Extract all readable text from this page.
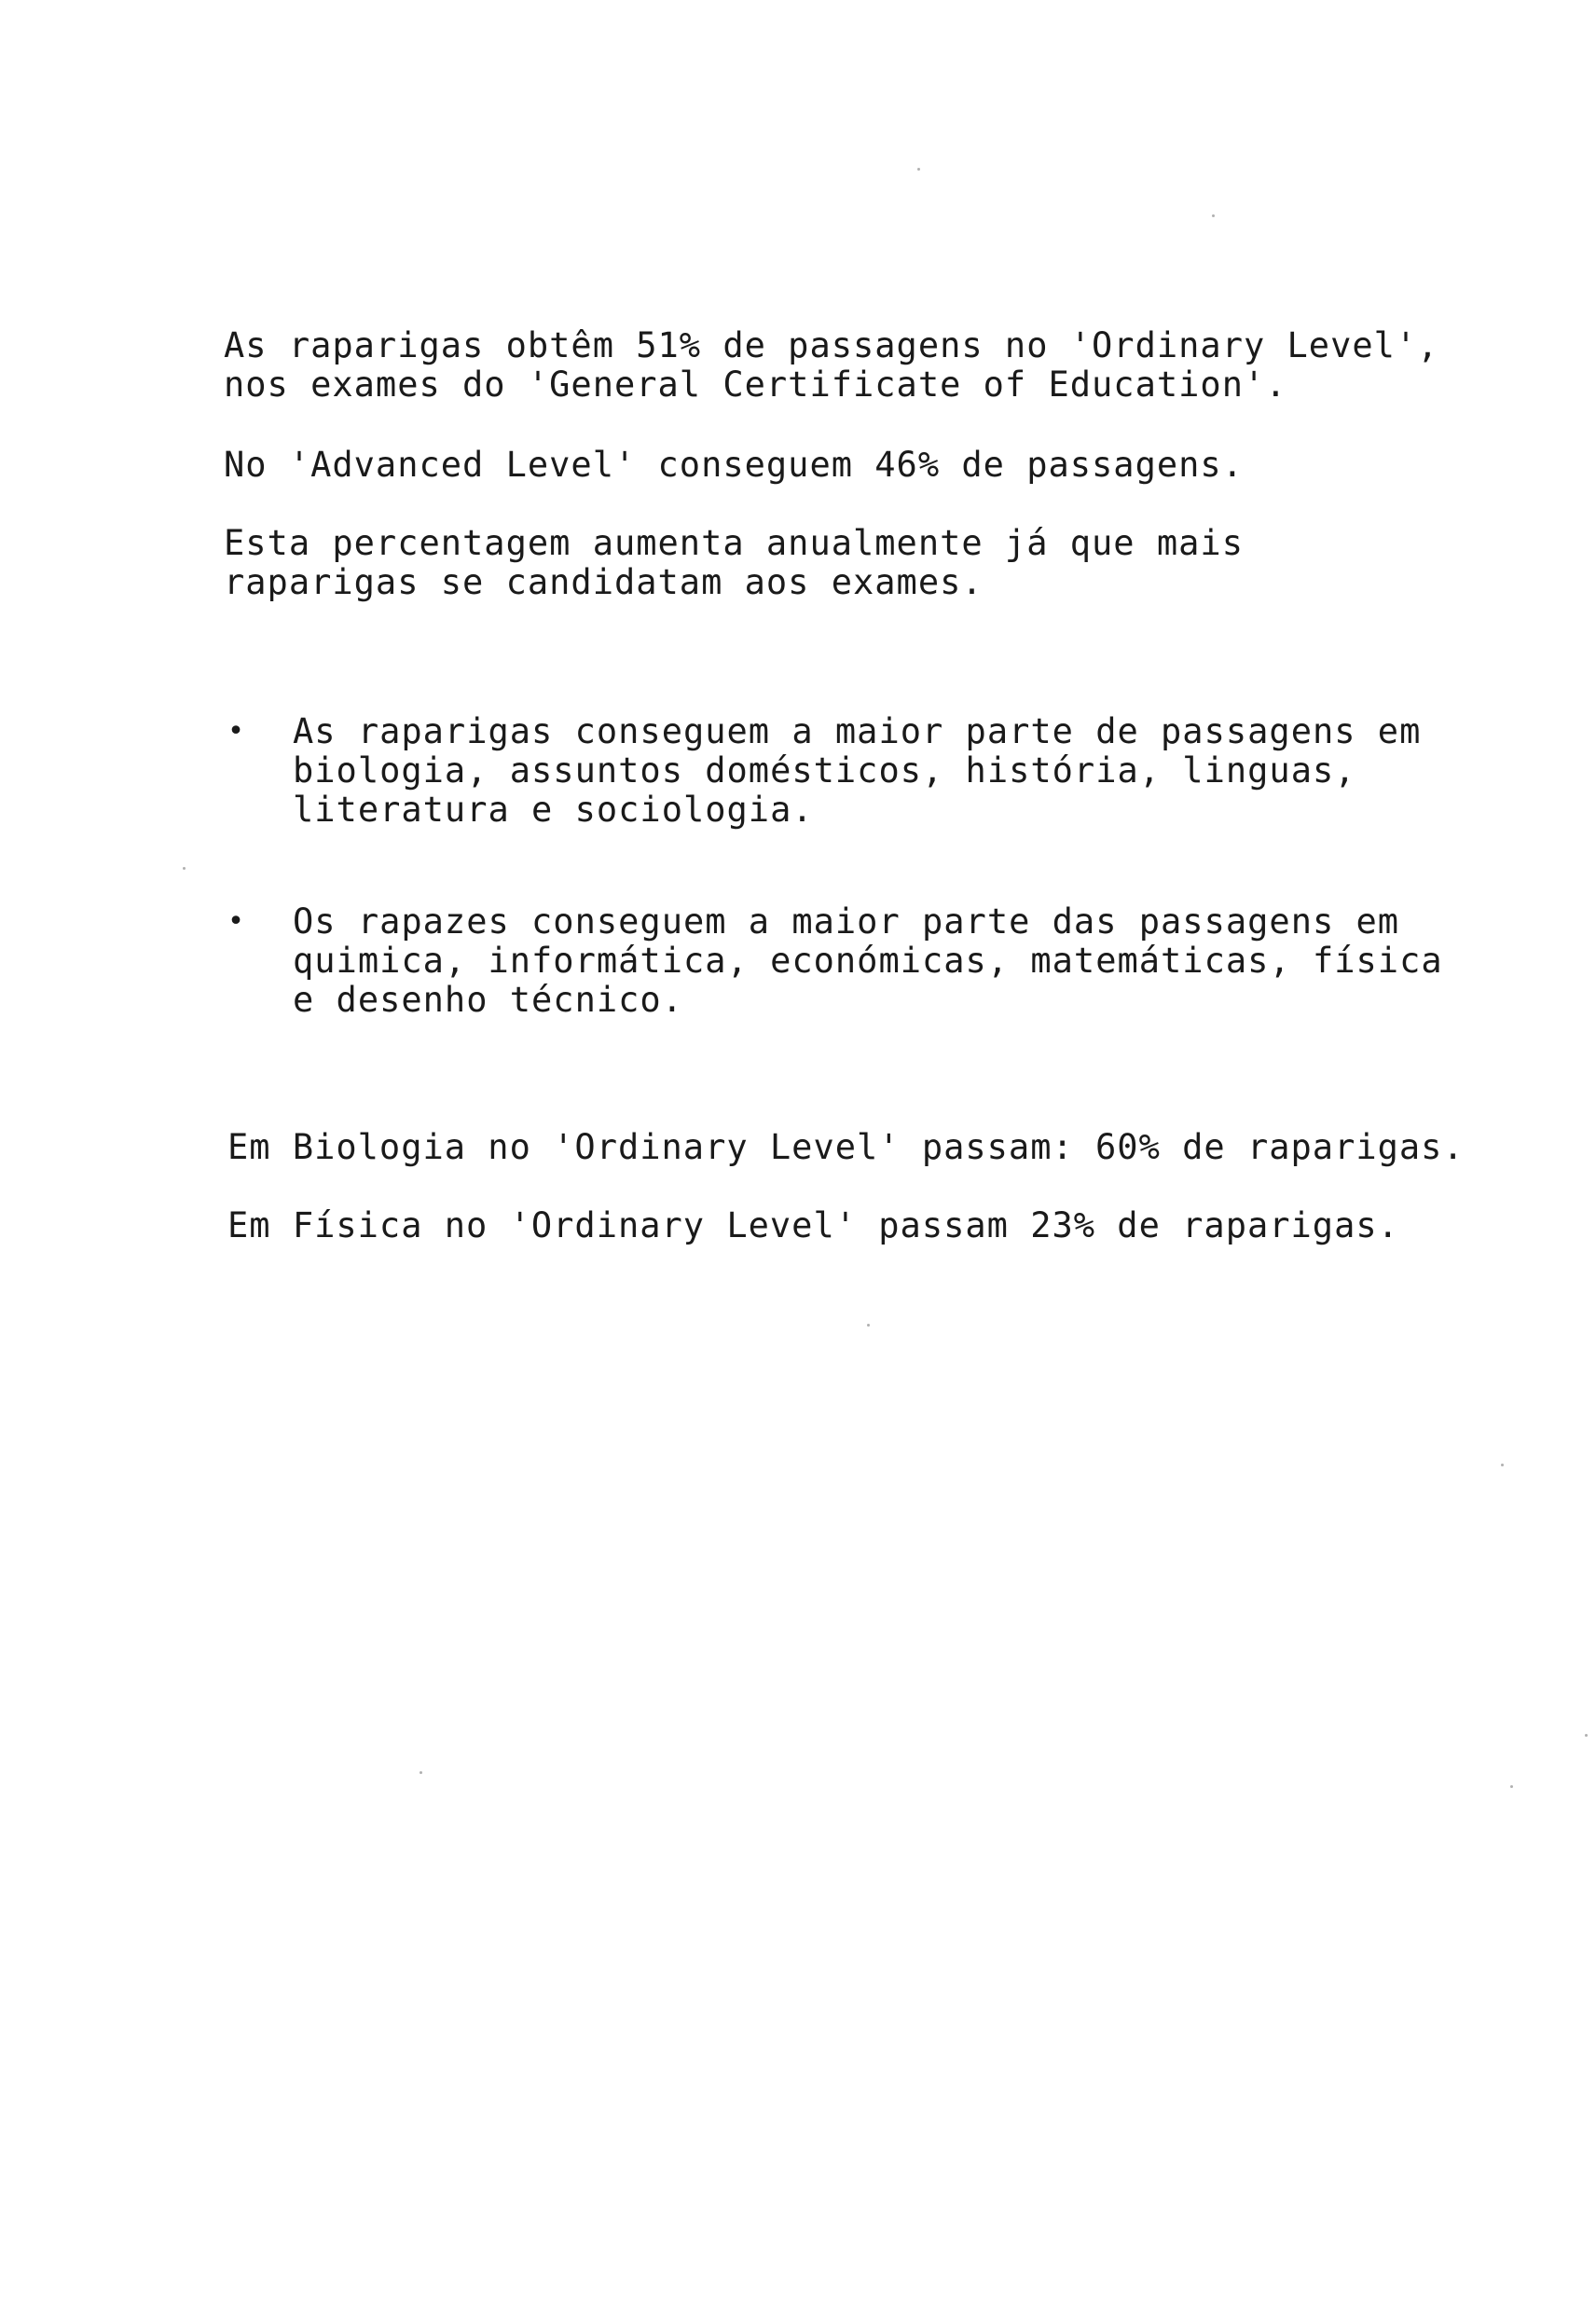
As raparigas obtêm 51% de passagens no 'Ordinary Level',
nos exames do 'General Certificate of Education'.
No 'Advanced Level' conseguem 46% de passagens.
Esta percentagem aumenta anualmente já que mais
raparigas se candidatam aos exames.
• As raparigas conseguem a maior parte de passagens em
biologia, assuntos domésticos, história, linguas,
literatura e sociologia.
• Os rapazes conseguem a maior parte das passagens em
quimica, informática, económicas, matemáticas, física
e desenho técnico.
Em Biologia no 'Ordinary Level' passam: 60% de raparigas.
Em Física no 'Ordinary Level' passam 23% de raparigas.
